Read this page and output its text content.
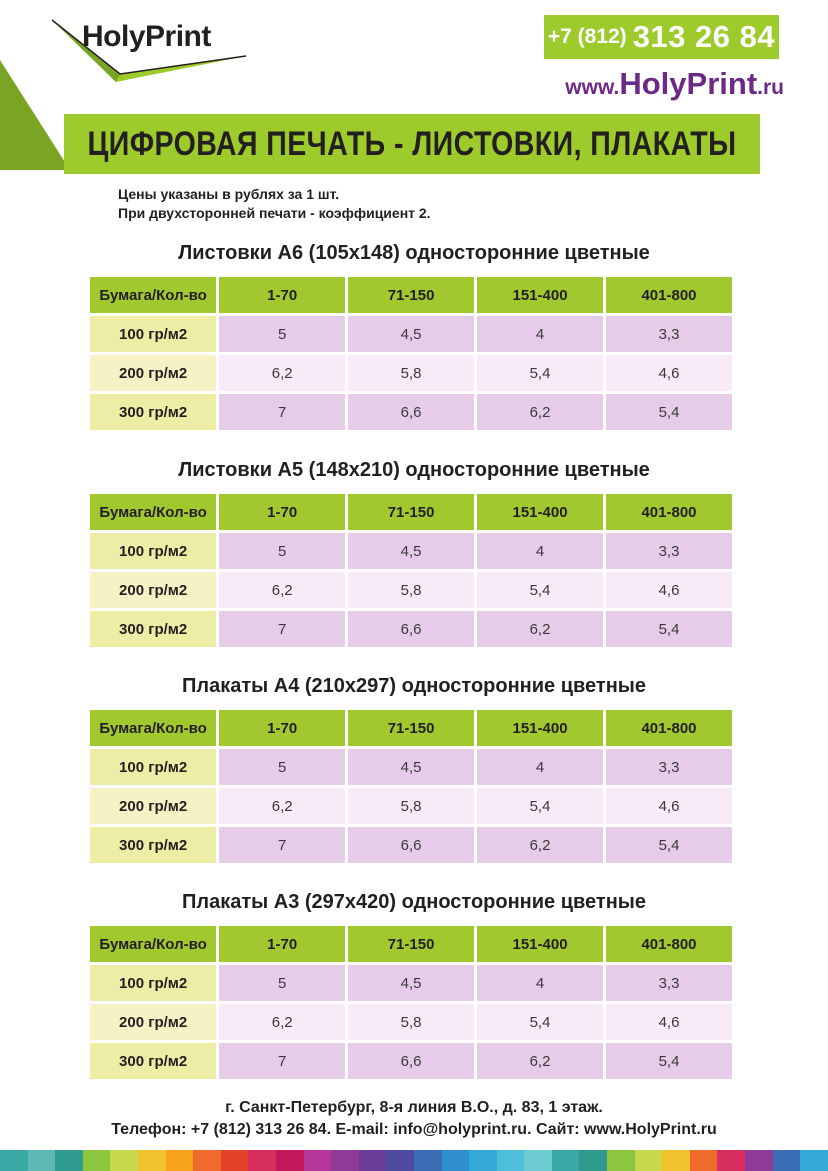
HolyPrint	+7 (812) 313 26 84
www.HolyPrint.ru
ЦИФРОВАЯ ПЕЧАТЬ - ЛИСТОВКИ, ПЛАКАТЫ
Цены указаны в рублях за 1 шт.
При двухсторонней печати - коэффициент 2.
Листовки А6 (105х148) односторонние цветные
Бумага/Кол-во	1-70	71-150	151-400	401-800
100 гр/м2	5	4,5	4	3,3
200 гр/м2	6,2	5,8	5,4	4,6
300 гр/м2	7	6,6	6,2	5,4
Листовки А5 (148х210) односторонние цветные
Бумага/Кол-во	1-70	71-150	151-400	401-800
100 гр/м2	5	4,5	4	3,3
200 гр/м2	6,2	5,8	5,4	4,6
300 гр/м2	7	6,6	6,2	5,4
Плакаты А4 (210х297) односторонние цветные
Бумага/Кол-во	1-70	71-150	151-400	401-800
100 гр/м2	5	4,5	4	3,3
200 гр/м2	6,2	5,8	5,4	4,6
300 гр/м2	7	6,6	6,2	5,4
Плакаты А3 (297х420) односторонние цветные
Бумага/Кол-во	1-70	71-150	151-400	401-800
100 гр/м2	5	4,5	4	3,3
200 гр/м2	6,2	5,8	5,4	4,6
300 гр/м2	7	6,6	6,2	5,4
г. Санкт-Петербург, 8-я линия В.О., д. 83, 1 этаж.
Телефон: +7 (812) 313 26 84. E-mail: info@holyprint.ru. Сайт: www.HolyPrint.ru
